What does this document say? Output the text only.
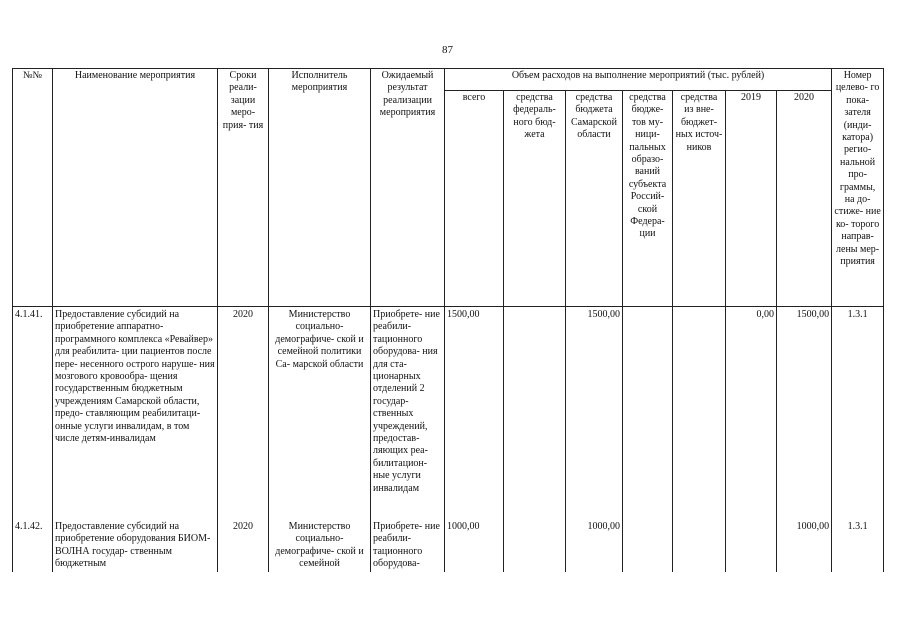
87
№№	Наименование мероприятия	Сроки реали- зации меро- прия- тия	Исполнитель мероприятия	Ожидаемый результат реализации мероприятия	Объем расходов на выполнение мероприятий (тыс. рублей)							Номер целево- го пока- зателя (инди- катора) регио- нальной про- граммы, на до- стиже- ние ко- торого направ- лены мер- приятия
					всего	средства федераль- ного бюд- жета	средства бюджета Самарской области	средства бюдже- тов му- ници- пальных образо- ваний субъекта Россий- ской Федера- ции	средства из вне- бюджет- ных источ- ников	2019	2020	
4.1.41.	Предоставление субсидий на приобретение аппаратно- программного комплекса «Ревайвер» для реабилита- ции пациентов после пере- несенного острого наруше- ния мозгового кровообра- щения государственным бюджетным учреждениям Самарской области, предо- ставляющим реабилитаци- онные услуги инвалидам, в том числе детям-инвалидам	2020	Министерство социально- демографиче- ской и семейной политики Са- марской области	Приобрете- ние реабили- тационного оборудова- ния для ста- ционарных отделений 2 государ- ственных учреждений, предостав- ляющих реа- билитацион- ные услуги инвалидам	1500,00		1500,00			0,00	1500,00	1.3.1
4.1.42.	Предоставление субсидий на приобретение оборудования БИОМ-ВОЛНА государ- ственным бюджетным	2020	Министерство социально- демографиче- ской и семейной	Приобрете- ние реабили- тационного оборудова-	1000,00		1000,00				1000,00	1.3.1
